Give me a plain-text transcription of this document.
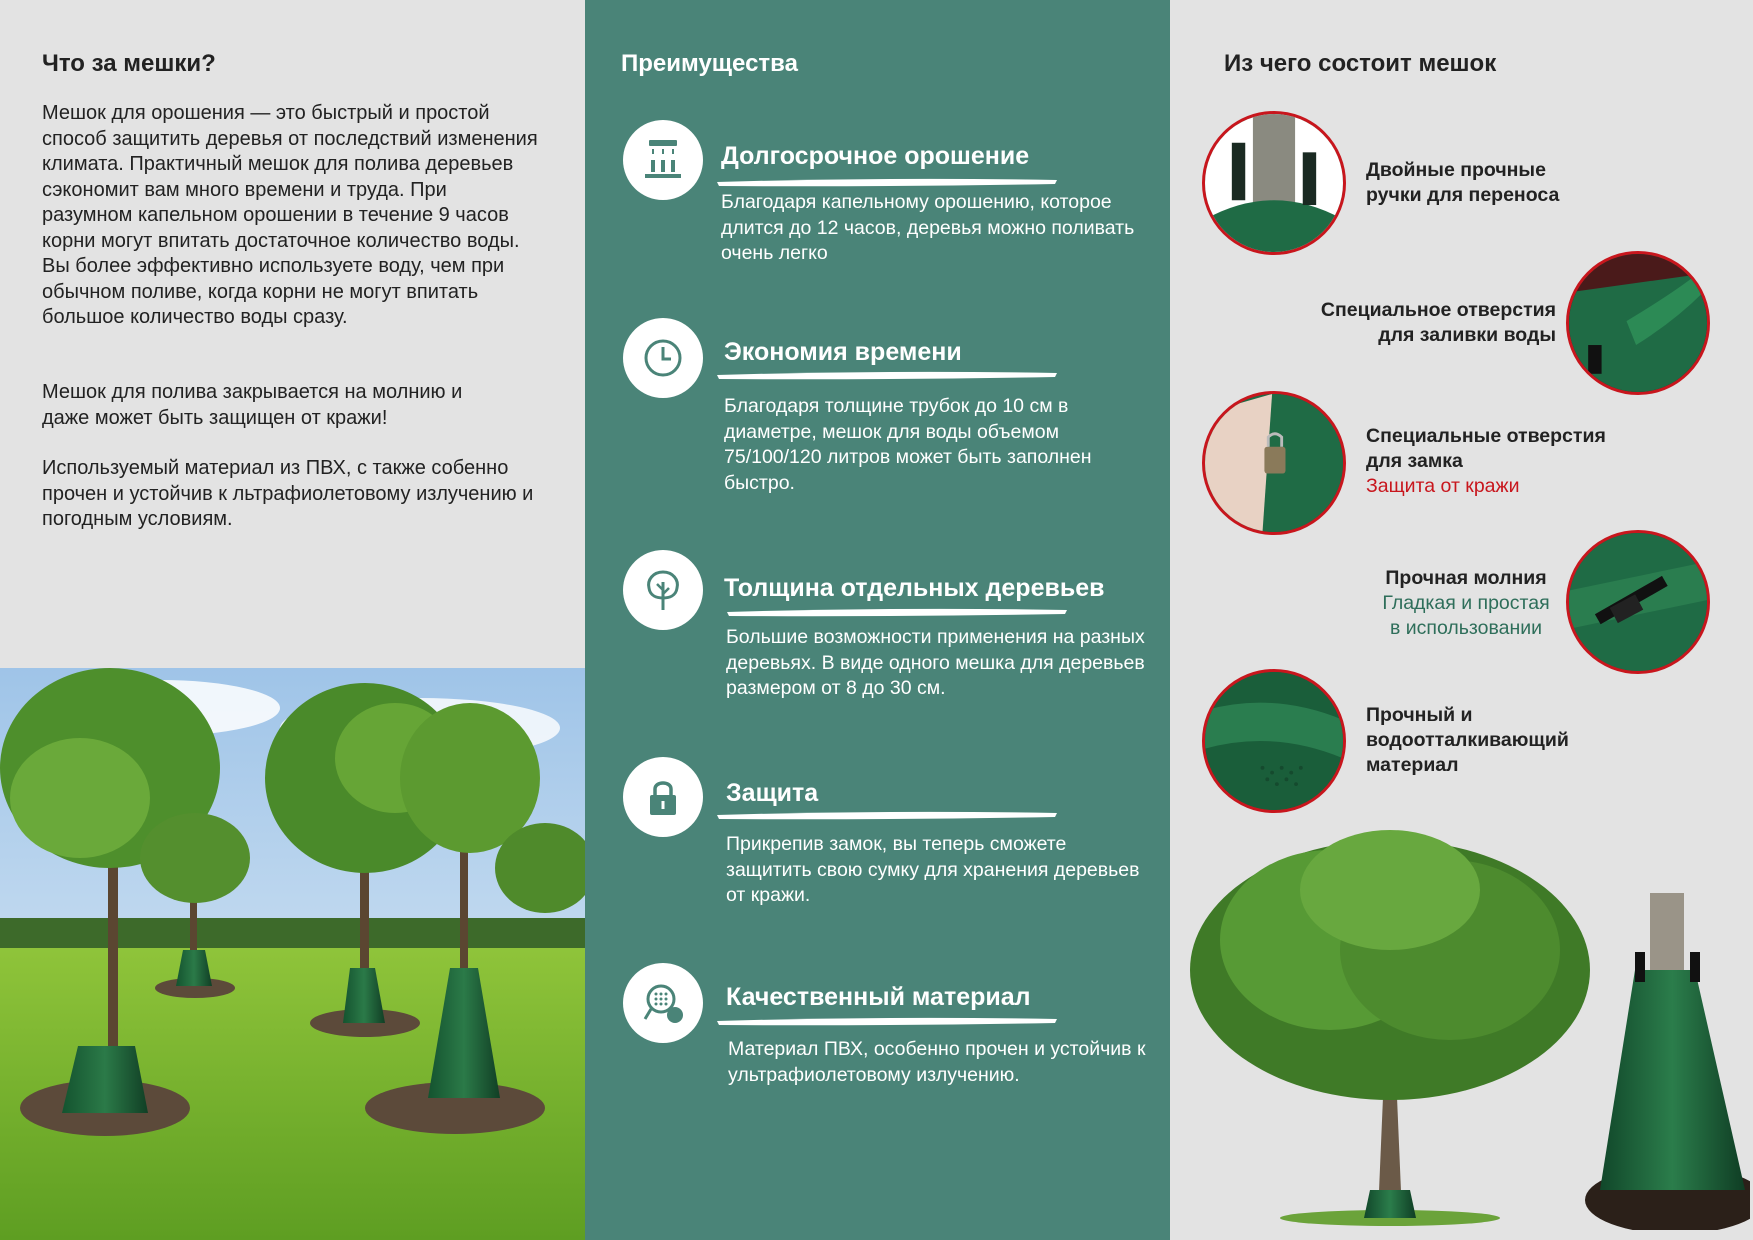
Что за мешки?

Мешок для орошения — это быстрый и простой способ защитить деревья от последствий изменения климата. Практичный мешок для полива деревьев сэкономит вам много времени и труда. При разумном капельном орошении в течение 9 часов корни могут впитать достаточное количество воды. Вы более эффективно используете воду, чем при обычном поливе, когда корни не могут впитать большое количество воды сразу.

Мешок для полива закрывается на молнию и даже может быть защищен от кражи!

Используемый материал из ПВХ, с также собенно прочен и устойчив к льтрафиолетовому излучению и погодным условиям.

Преимущества
Долгосрочное орошение
Благодаря капельному орошению, которое длится до 12 часов, деревья можно поливать очень легко
Экономия времени
Благодаря толщине трубок до 10 см в диаметре, мешок для воды объемом 75/100/120 литров может быть заполнен быстро.
Толщина отдельных деревьев
Большие возможности применения на разных деревьях. В виде одного мешка для деревьев размером от 8 до 30 см.
Защита
Прикрепив замок, вы теперь сможете защитить свою сумку для хранения деревьев от кражи.
Качественный материал
Материал ПВХ, особенно прочен и устойчив к ультрафиолетовому излучению.
Из чего состоит мешок
Двойные прочные
ручки для переноса
Специальное отверстия
для заливки воды
Специальные отверстия
для замка
Защита от кражи
Прочная молния
Гладкая и простая
в использовании
Прочный и
водоотталкивающий
материал
